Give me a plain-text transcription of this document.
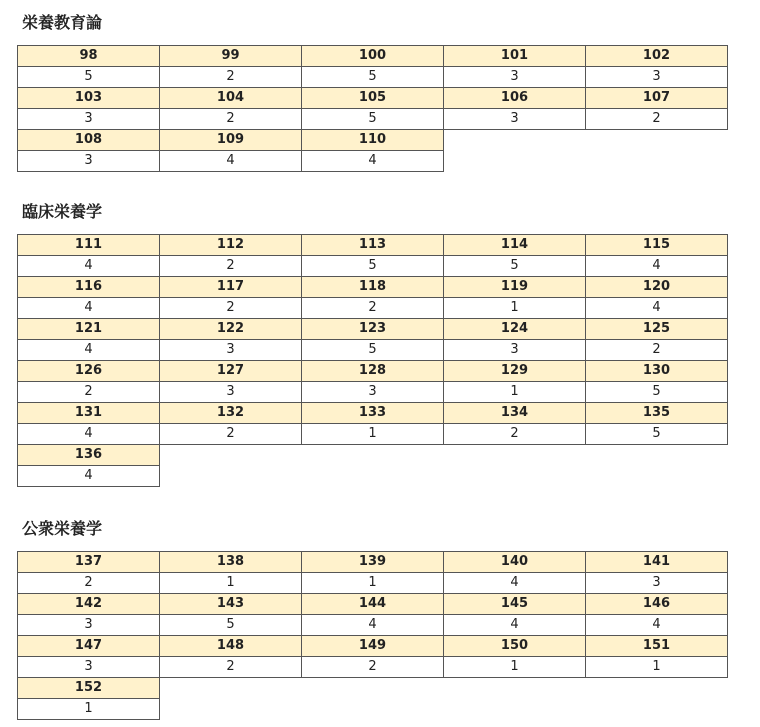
栄養教育論
98	99	100	101	102
5	2	5	3	3
103	104	105	106	107
3	2	5	3	2
108	109	110		
3	4	4		
臨床栄養学
111	112	113	114	115
4	2	5	5	4
116	117	118	119	120
4	2	2	1	4
121	122	123	124	125
4	3	5	3	2
126	127	128	129	130
2	3	3	1	5
131	132	133	134	135
4	2	1	2	5
136				
4				
公衆栄養学
137	138	139	140	141
2	1	1	4	3
142	143	144	145	146
3	5	4	4	4
147	148	149	150	151
3	2	2	1	1
152				
1				
